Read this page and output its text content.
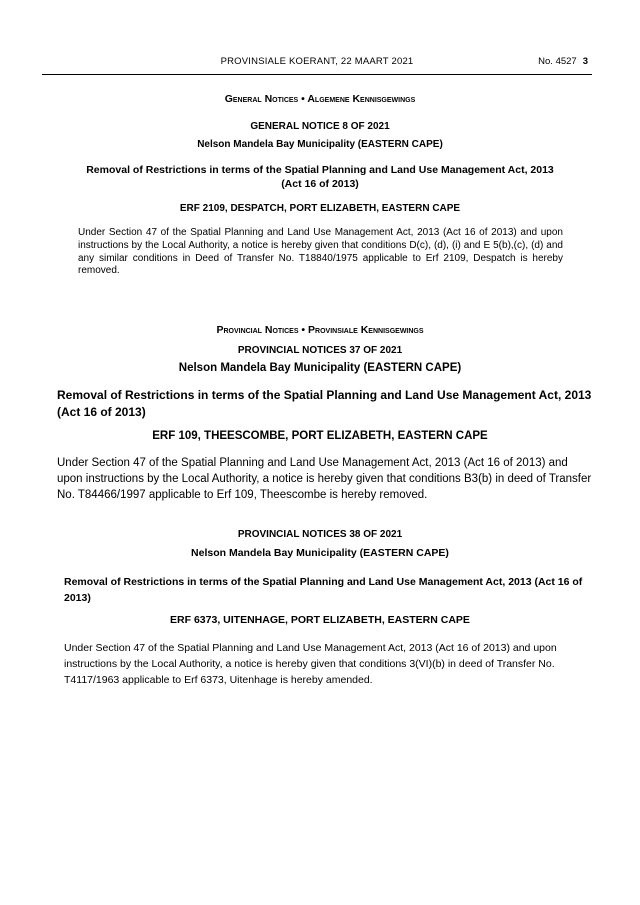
PROVINSIALE KOERANT, 22 MAART 2021	No. 4527 3
General Notices • Algemene Kennisgewings
GENERAL NOTICE 8 OF 2021
Nelson Mandela Bay Municipality (EASTERN CAPE)
Removal of Restrictions in terms of the Spatial Planning and Land Use Management Act, 2013 (Act 16 of 2013)
ERF 2109, DESPATCH, PORT ELIZABETH, EASTERN CAPE
Under Section 47 of the Spatial Planning and Land Use Management Act, 2013 (Act 16 of 2013) and upon instructions by the Local Authority, a notice is hereby given that conditions D(c), (d), (i) and E 5(b),(c), (d) and any similar conditions in Deed of Transfer No. T18840/1975 applicable to Erf 2109, Despatch is hereby removed.
Provincial Notices • Provinsiale Kennisgewings
PROVINCIAL NOTICES 37 OF 2021
Nelson Mandela Bay Municipality (EASTERN CAPE)
Removal of Restrictions in terms of the Spatial Planning and Land Use Management Act, 2013 (Act 16 of 2013)
ERF 109, THEESCOMBE, PORT ELIZABETH, EASTERN CAPE
Under Section 47 of the Spatial Planning and Land Use Management Act, 2013 (Act 16 of 2013) and upon instructions by the Local Authority, a notice is hereby given that conditions B3(b) in deed of Transfer No. T84466/1997 applicable to Erf 109, Theescombe is hereby removed.
PROVINCIAL NOTICES 38 OF 2021
Nelson Mandela Bay Municipality (EASTERN CAPE)
Removal of Restrictions in terms of the Spatial Planning and Land Use Management Act, 2013 (Act 16 of 2013)
ERF 6373, UITENHAGE, PORT ELIZABETH, EASTERN CAPE
Under Section 47 of the Spatial Planning and Land Use Management Act, 2013 (Act 16 of 2013) and upon instructions by the Local Authority, a notice is hereby given that conditions 3(VI)(b) in deed of Transfer No. T4117/1963 applicable to Erf 6373, Uitenhage is hereby amended.
